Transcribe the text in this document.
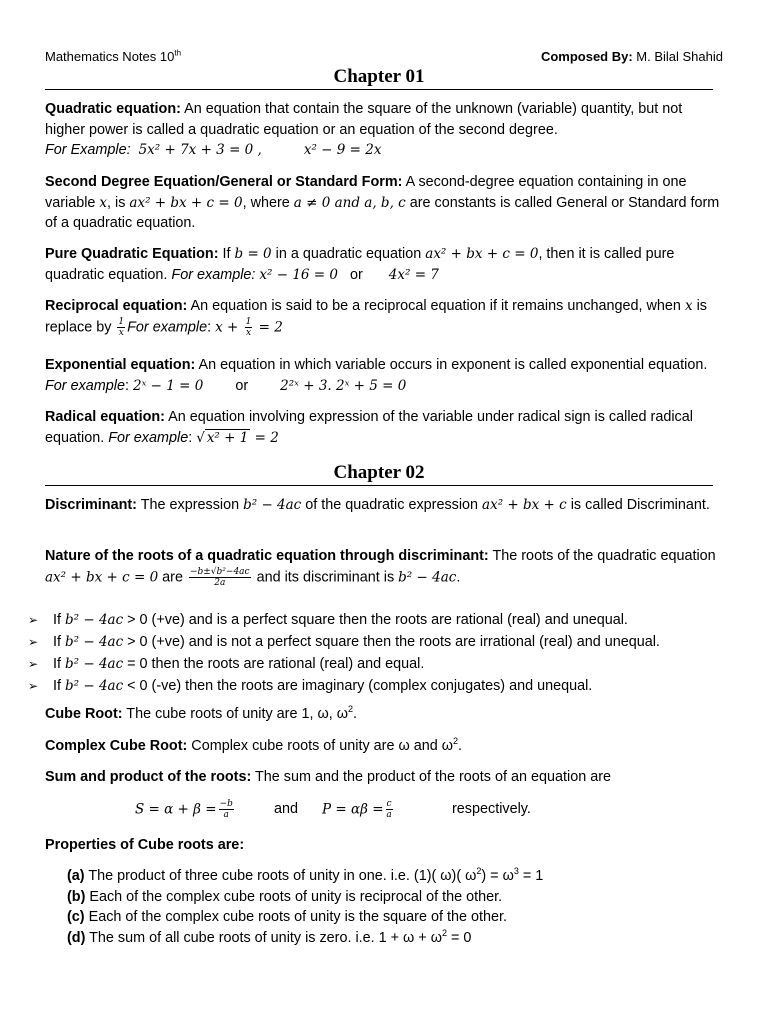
Mathematics Notes 10th	Composed By: M. Bilal Shahid
Chapter 01
Quadratic equation: An equation that contain the square of the unknown (variable) quantity, but not higher power is called a quadratic equation or an equation of the second degree.
For Example: 5x² + 7x + 3 = 0 ,	x² − 9 = 2x
Second Degree Equation/General or Standard Form: A second-degree equation containing in one variable x, is ax² + bx + c = 0, where a ≠ 0 and a, b, c are constants is called General or Standard form of a quadratic equation.
Pure Quadratic Equation: If b = 0 in a quadratic equation ax² + bx + c = 0, then it is called pure quadratic equation. For example: x² − 16 = 0 or 4x² = 7
Reciprocal equation: An equation is said to be a reciprocal equation if it remains unchanged, when x is replace by $\frac{1}{x}$ For example: $x + \frac{1}{x} = 2$
Exponential equation: An equation in which variable occurs in exponent is called exponential equation. For example: 2ˣ − 1 = 0 or 2²ˣ + 3. 2ˣ + 5 = 0
Radical equation: An equation involving expression of the variable under radical sign is called radical equation. For example: √ x² + 1 = 2
Chapter 02
Discriminant: The expression b² − 4ac of the quadratic expression ax² + bx + c is called Discriminant.
Nature of the roots of a quadratic equation through discriminant: The roots of the quadratic equation ax² + bx + c = 0 are $\frac{\text{−b±√b²−4ac}}{2a}$ and its discriminant is b² − 4ac.
➢ If b² − 4ac > 0 (+ve) and is a perfect square then the roots are rational (real) and unequal.
➢ If b² − 4ac > 0 (+ve) and is not a perfect square then the roots are irrational (real) and unequal.
➢ If b² − 4ac = 0 then the roots are rational (real) and equal.
➢ If b² − 4ac < 0 (-ve) then the roots are imaginary (complex conjugates) and unequal.
Cube Root: The cube roots of unity are 1, ω, $\omega^2$.
Complex Cube Root: Complex cube roots of unity are ω and $\omega^2$.
Sum and product of the roots: The sum and the product of the roots of an equation are
$S = \alpha + \beta = \frac{-b}{a}$	and $P = \alpha\beta = \frac{c}{a}$	respectively.
Properties of Cube roots are:
(a) The product of three cube roots of unity in one. i.e. (1)( ω)( $\omega^2) = \omega^3 = 1$
(b) Each of the complex cube roots of unity is reciprocal of the other.
(c) Each of the complex cube roots of unity is the square of the other.
(d) The sum of all cube roots of unity is zero. i.e. $1 + \omega + \omega^2 = 0$
